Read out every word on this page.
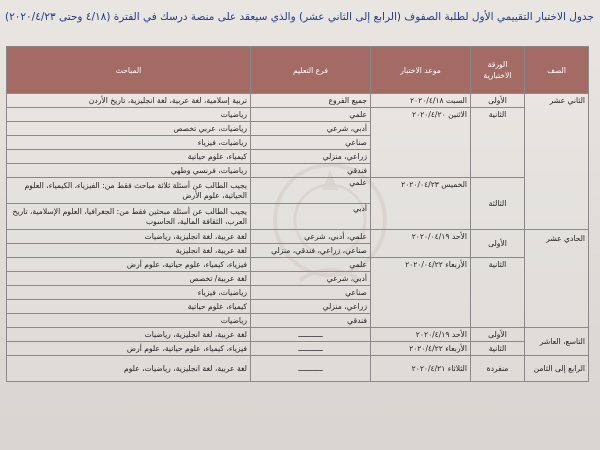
جدول الاختبار التقييمي الأول لطلبة الصفوف (الرابع إلى الثاني عشر) والذي سيعقد على منصة درسك في الفترة (٤/١٨ وحتى ٢٠٢٠/٤/٢٣)
الصف	الورقة الاختبارية	موعد الاختبار	فرع التعليم	المباحث
الثاني عشر	الأولى	السبت ٢٠٢٠/٤/١٨	جميع الفروع	تربية إسلامية، لغة عربية، لغة انجليزية، تاريخ الأردن
	الثانية	الاثنين ٢٠٢٠/٤/٢٠	علمي	رياضيات
			أدبي، شرعي	رياضيات، عربي تخصص
			صناعي	رياضيات، فيزياء
			زراعي، منزلي	كيمياء، علوم حياتية
			فندقي	رياضيات، فرنسي وطهي
	الثالثة	الخميس ٢٠٢٠/٠٤/٢٣	علمي	يجيب الطالب عن أسئلة ثلاثة مباحث فقط من: الفيزياء، الكيمياء، العلوم الحياتية، علوم الأرض
			أدبي	يجيب الطالب عن أسئلة مبحثين فقط من: الجغرافيا، العلوم الإسلامية، تاريخ العرب، الثقافة المالية، الحاسوب
الحادي عشر	الأولى	الأحد ٢٠٢٠/٠٤/١٩	علمي، أدبي، شرعي	لغة عربية، لغة انجليزية، رياضيات
			صناعي، زراعي، فندقي، منزلي	لغة عربية، لغة انجليزية
	الثانية	الأربعاء ٢٠٢٠/٠٤/٢٢	علمي	فيزياء، كيمياء، علوم حياتية، علوم أرض
			أدبي، شرعي	لغة عربية/ تخصص
			صناعي	رياضيات، فيزياء
			زراعي، منزلي	كيمياء، علوم حياتية
			فندقي	رياضيات
التاسع، العاشر	الأولى	الأحد ٢٠٢٠/٤/١٩	ـــــــــــ	لغة عربية، لغة انجليزية، رياضيات
	الثانية	الأربعاء ٢٠٢٠/٤/٢٢	ـــــــــــ	فيزياء، كيمياء، علوم حياتية، علوم أرض
الرابع إلى الثامن	منفردة	الثلاثاء ٢٠٢٠/٤/٢١	ـــــــــــ	لغة عربية، لغة انجليزية، رياضيات، علوم
